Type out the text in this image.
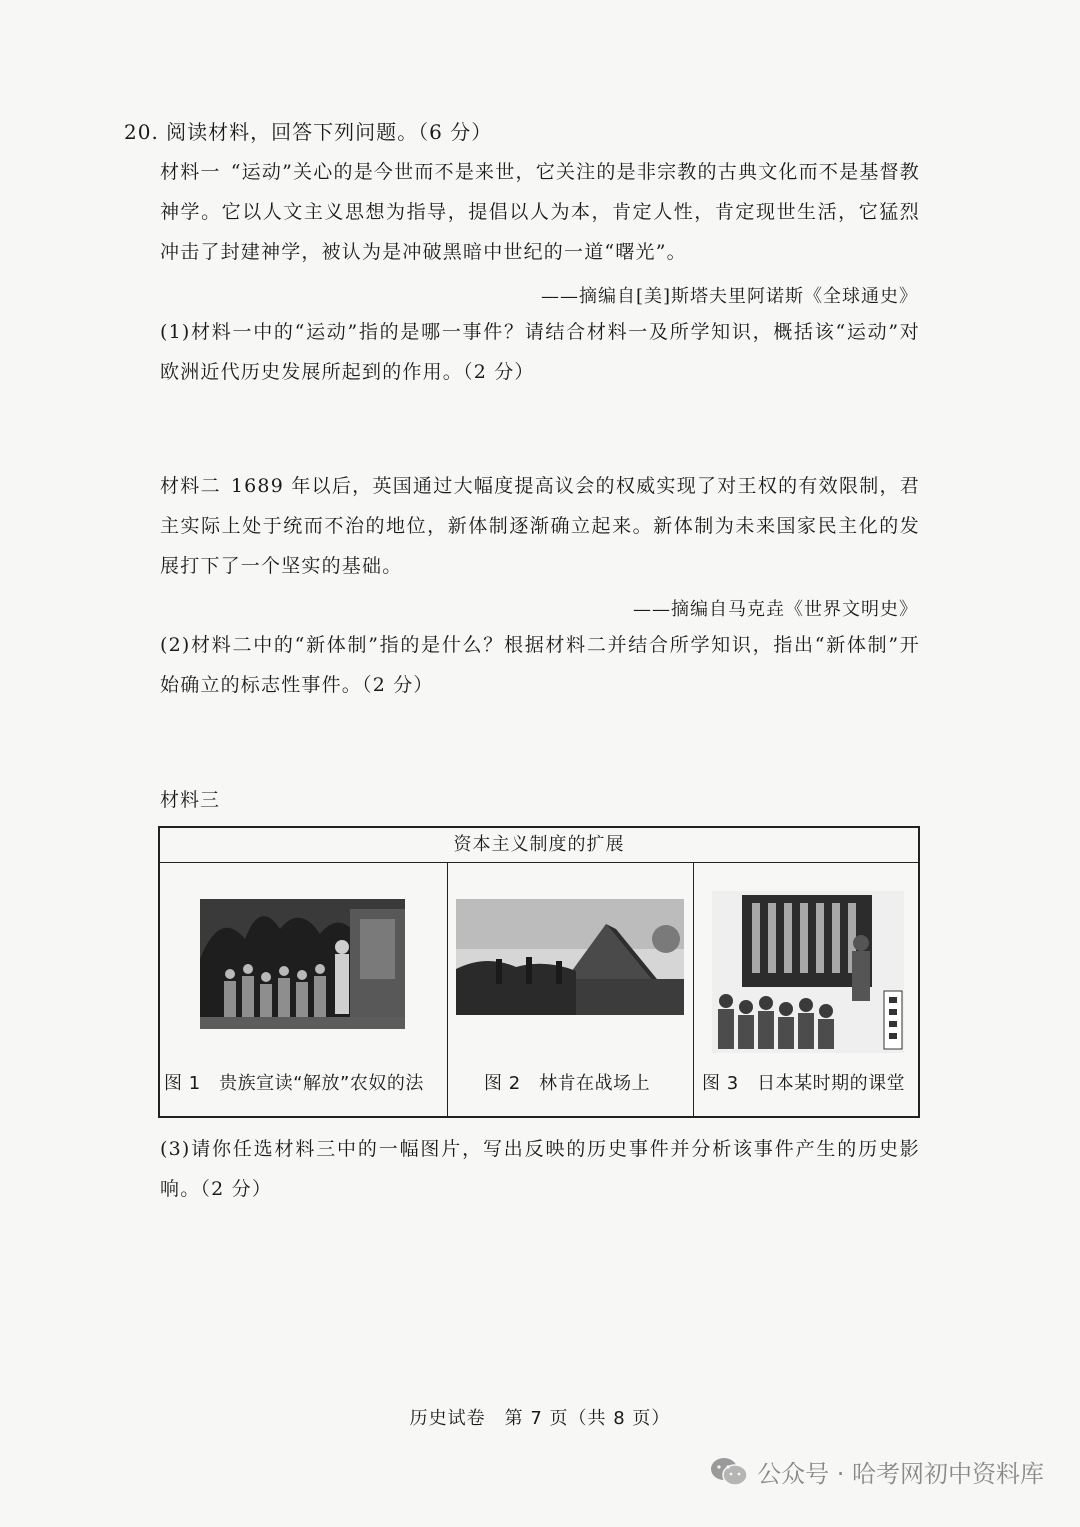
20. 阅读材料，回答下列问题。（6 分）
材料一 “运动”关心的是今世而不是来世，它关注的是非宗教的古典文化而不是基督教神学。它以人文主义思想为指导，提倡以人为本，肯定人性，肯定现世生活，它猛烈冲击了封建神学，被认为是冲破黑暗中世纪的一道“曙光”。
——摘编自[美]斯塔夫里阿诺斯《全球通史》
(1)材料一中的“运动”指的是哪一事件？请结合材料一及所学知识，概括该“运动”对欧洲近代历史发展所起到的作用。（2 分）
材料二 1689 年以后，英国通过大幅度提高议会的权威实现了对王权的有效限制，君主实际上处于统而不治的地位，新体制逐渐确立起来。新体制为未来国家民主化的发展打下了一个坚实的基础。
——摘编自马克垚《世界文明史》
(2)材料二中的“新体制”指的是什么？根据材料二并结合所学知识，指出“新体制”开始确立的标志性事件。（2 分）
材料三
资本主义制度的扩展
图 1　贵族宣读“解放”农奴的法	图 2　林肯在战场上	图 3　日本某时期的课堂
(3)请你任选材料三中的一幅图片，写出反映的历史事件并分析该事件产生的历史影响。（2 分）
历史试卷　第 7 页（共 8 页）
公众号 · 哈考网初中资料库
